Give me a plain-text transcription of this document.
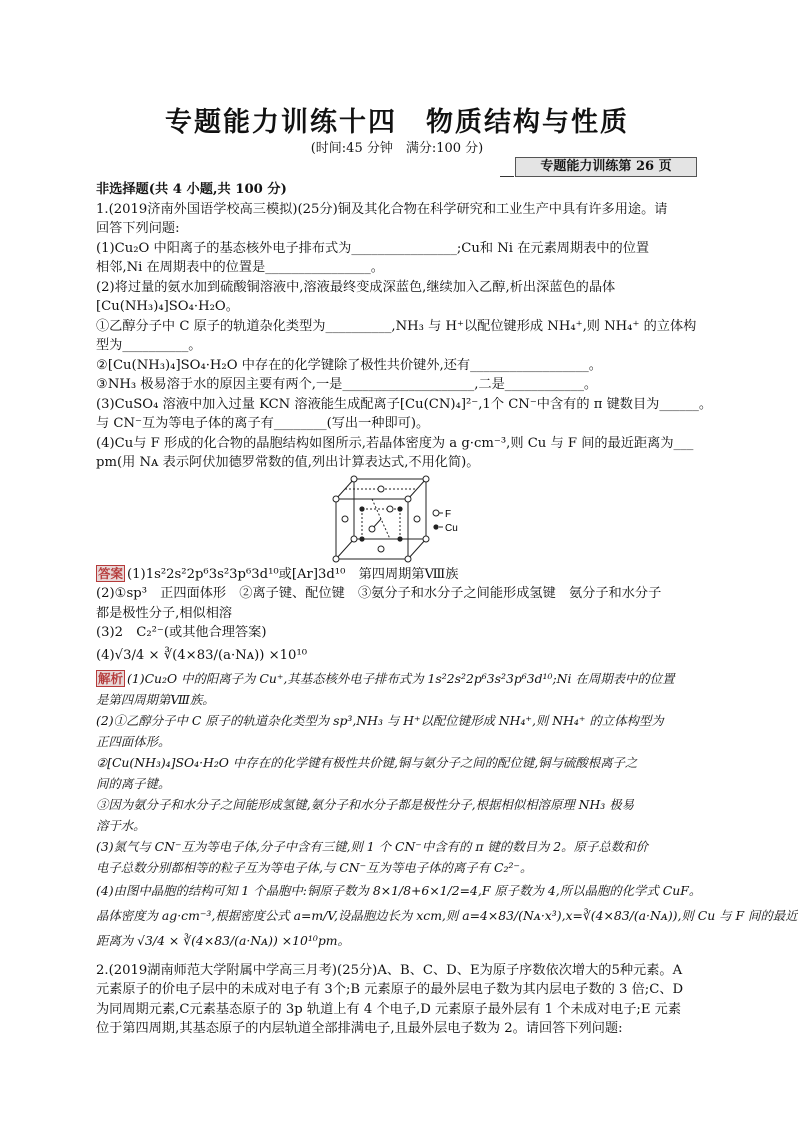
专题能力训练十四　物质结构与性质
(时间:45 分钟　满分:100 分)
专题能力训练第 26 页
非选择题(共 4 小题,共 100 分)
1.(2019济南外国语学校高三模拟)(25分)铜及其化合物在科学研究和工业生产中具有许多用途。请
回答下列问题:
(1)Cu₂O 中阳离子的基态核外电子排布式为________________;Cu和 Ni 在元素周期表中的位置
相邻,Ni 在周期表中的位置是________________。
(2)将过量的氨水加到硫酸铜溶液中,溶液最终变成深蓝色,继续加入乙醇,析出深蓝色的晶体
[Cu(NH₃)₄]SO₄·H₂O。
①乙醇分子中 C 原子的轨道杂化类型为__________,NH₃ 与 H⁺以配位键形成 NH₄⁺,则 NH₄⁺ 的立体构
型为__________。
②[Cu(NH₃)₄]SO₄·H₂O 中存在的化学键除了极性共价键外,还有__________________。
③NH₃ 极易溶于水的原因主要有两个,一是____________________,二是____________。
(3)CuSO₄ 溶液中加入过量 KCN 溶液能生成配离子[Cu(CN)₄]²⁻,1个 CN⁻中含有的 π 键数目为______。
与 CN⁻互为等电子体的离子有________(写出一种即可)。
(4)Cu与 F 形成的化合物的晶胞结构如图所示,若晶体密度为 a g·cm⁻³,则 Cu 与 F 间的最近距离为___
pm(用 Nᴀ 表示阿伏加德罗常数的值,列出计算表达式,不用化简)。
F
Cu
答案 (1)1s²2s²2p⁶3s²3p⁶3d¹⁰或[Ar]3d¹⁰　第四周期第Ⅷ族
(2)①sp³　正四面体形　②离子键、配位键　③氨分子和水分子之间能形成氢键　氨分子和水分子
都是极性分子,相似相溶
(3)2　C₂²⁻(或其他合理答案)
(4)√3/4 × ∛(4×83/(a·Nᴀ)) ×10¹⁰
解析 (1)Cu₂O 中的阳离子为 Cu⁺,其基态核外电子排布式为 1s²2s²2p⁶3s²3p⁶3d¹⁰;Ni 在周期表中的位置
是第四周期第Ⅷ族。
(2)①乙醇分子中 C 原子的轨道杂化类型为 sp³,NH₃ 与 H⁺以配位键形成 NH₄⁺,则 NH₄⁺ 的立体构型为
正四面体形。
②[Cu(NH₃)₄]SO₄·H₂O 中存在的化学键有极性共价键,铜与氨分子之间的配位键,铜与硫酸根离子之
间的离子键。
③因为氨分子和水分子之间能形成氢键,氨分子和水分子都是极性分子,根据相似相溶原理 NH₃ 极易
溶于水。
(3)氮气与 CN⁻互为等电子体,分子中含有三键,则 1 个 CN⁻中含有的 π 键的数目为 2。原子总数和价
电子总数分别都相等的粒子互为等电子体,与 CN⁻互为等电子体的离子有 C₂²⁻。
(4)由图中晶胞的结构可知 1 个晶胞中:铜原子数为 8×1/8+6×1/2=4,F 原子数为 4,所以晶胞的化学式 CuF。
晶体密度为 ag·cm⁻³,根据密度公式 a=m/V,设晶胞边长为 xcm,则 a=4×83/(Nᴀ·x³),x=∛(4×83/(a·Nᴀ)),则 Cu 与 F 间的最近
距离为 √3/4 × ∛(4×83/(a·Nᴀ)) ×10¹⁰pm。
2.(2019湖南师范大学附属中学高三月考)(25分)A、B、C、D、E为原子序数依次增大的5种元素。A
元素原子的价电子层中的未成对电子有 3个;B 元素原子的最外层电子数为其内层电子数的 3 倍;C、D
为同周期元素,C元素基态原子的 3p 轨道上有 4 个电子,D 元素原子最外层有 1 个未成对电子;E 元素
位于第四周期,其基态原子的内层轨道全部排满电子,且最外层电子数为 2。请回答下列问题:
